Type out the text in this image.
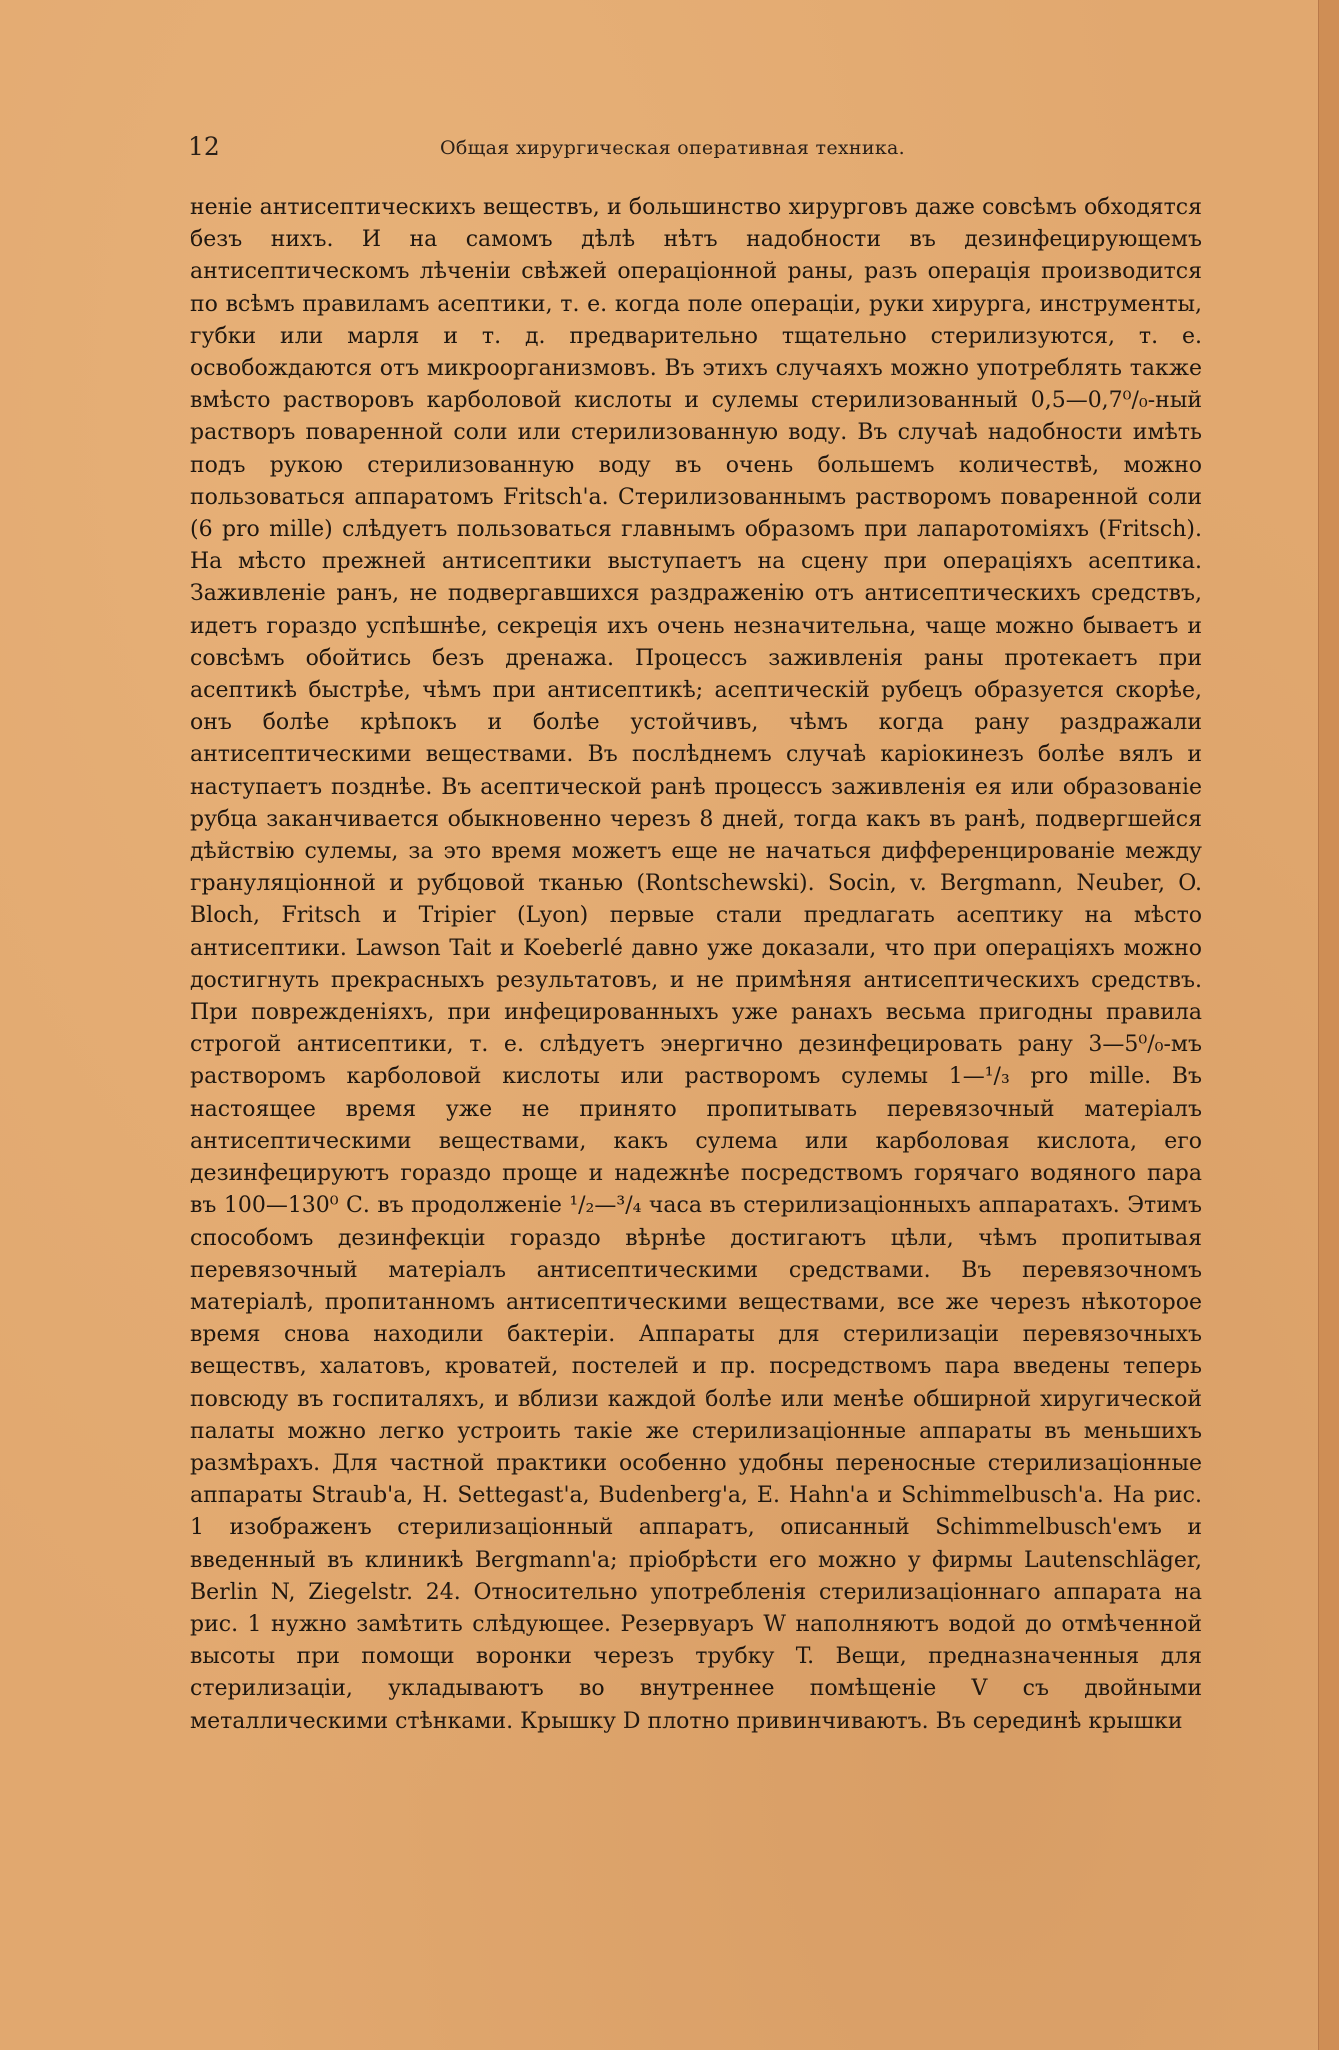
12	Общая хирургическая оперативная техника.

неніе антисептическихъ веществъ, и большинство хирурговъ даже совсѣмъ обходятся безъ нихъ. И на самомъ дѣлѣ нѣтъ надобности въ дезинфецирующемъ антисептическомъ лѣченіи свѣжей операціонной раны, разъ операція производится по всѣмъ правиламъ асептики, т. е. когда поле операціи, руки хирурга, инструменты, губки или марля и т. д. предварительно тщательно стерилизуются, т. е. освобождаются отъ микроорганизмовъ. Въ этихъ случаяхъ можно употреблять также вмѣсто растворовъ карболовой кислоты и сулемы стерилизованный 0,5—0,7⁰/₀-ный растворъ поваренной соли или стерилизованную воду. Въ случаѣ надобности имѣть подъ рукою стерилизованную воду въ очень большемъ количествѣ, можно пользоваться аппаратомъ Fritsch'а. Стерилизованнымъ растворомъ поваренной соли (6 pro mille) слѣдуетъ пользоваться главнымъ образомъ при лапаротоміяхъ (Fritsch). На мѣсто прежней антисептики выступаетъ на сцену при операціяхъ асептика. Заживленіе ранъ, не подвергавшихся раздраженію отъ антисептическихъ средствъ, идетъ гораздо успѣшнѣе, секреція ихъ очень незначительна, чаще можно бываетъ и совсѣмъ обойтись безъ дренажа. Процессъ заживленія раны протекаетъ при асептикѣ быстрѣе, чѣмъ при антисептикѣ; асептическій рубецъ образуется скорѣе, онъ болѣе крѣпокъ и болѣе устойчивъ, чѣмъ когда рану раздражали антисептическими веществами. Въ послѣднемъ случаѣ каріокинезъ болѣе вялъ и наступаетъ позднѣе. Въ асептической ранѣ процессъ заживленія ея или образованіе рубца заканчивается обыкновенно черезъ 8 дней, тогда какъ въ ранѣ, подвергшейся дѣйствію сулемы, за это время можетъ еще не начаться дифференцированіе между грануляціонной и рубцовой тканью (Rontschewski). Socin, v. Bergmann, Neuber, O. Bloch, Fritsch и Tripier (Lyon) первые стали предлагать асептику на мѣсто антисептики. Lawson Tait и Koeberlé давно уже доказали, что при операціяхъ можно достигнуть прекрасныхъ результатовъ, и не примѣняя антисептическихъ средствъ. При поврежденіяхъ, при инфецированныхъ уже ранахъ весьма пригодны правила строгой антисептики, т. е. слѣдуетъ энергично дезинфецировать рану 3—5⁰/₀-мъ растворомъ карболовой кислоты или растворомъ сулемы 1—¹/₃ pro mille. Въ настоящее время уже не принято пропитывать перевязочный матеріалъ антисептическими веществами, какъ сулема или карболовая кислота, его дезинфецируютъ гораздо проще и надежнѣе посредствомъ горячаго водяного пара въ 100—130⁰ С. въ продолженіе ¹/₂—³/₄ часа въ стерилизаціонныхъ аппаратахъ. Этимъ способомъ дезинфекціи гораздо вѣрнѣе достигаютъ цѣли, чѣмъ пропитывая перевязочный матеріалъ антисептическими средствами. Въ перевязочномъ матеріалѣ, пропитанномъ антисептическими веществами, все же черезъ нѣкоторое время снова находили бактеріи. Аппараты для стерилизаціи перевязочныхъ веществъ, халатовъ, кроватей, постелей и пр. посредствомъ пара введены теперь повсюду въ госпиталяхъ, и вблизи каждой болѣе или менѣе обширной хиругической палаты можно легко устроить такіе же стерилизаціонные аппараты въ меньшихъ размѣрахъ. Для частной практики особенно удобны переносные стерилизаціонные аппараты Straub'а, H. Settegast'а, Budenberg'а, E. Hahn'а и Schimmelbusch'а. На рис. 1 изображенъ стерилизаціонный аппаратъ, описанный Schimmelbusch'емъ и введенный въ клиникѣ Bergmann'а; пріобрѣсти его можно у фирмы Lautenschläger, Berlin N, Ziegelstr. 24. Относительно употребленія стерилизаціоннаго аппарата на рис. 1 нужно замѣтить слѣдующее. Резервуаръ W наполняютъ водой до отмѣченной высоты при помощи воронки черезъ трубку T. Вещи, предназначенныя для стерилизаціи, укладываютъ во внутреннее помѣщеніе V съ двойными металлическими стѣнками. Крышку D плотно привинчиваютъ. Въ серединѣ крышки
